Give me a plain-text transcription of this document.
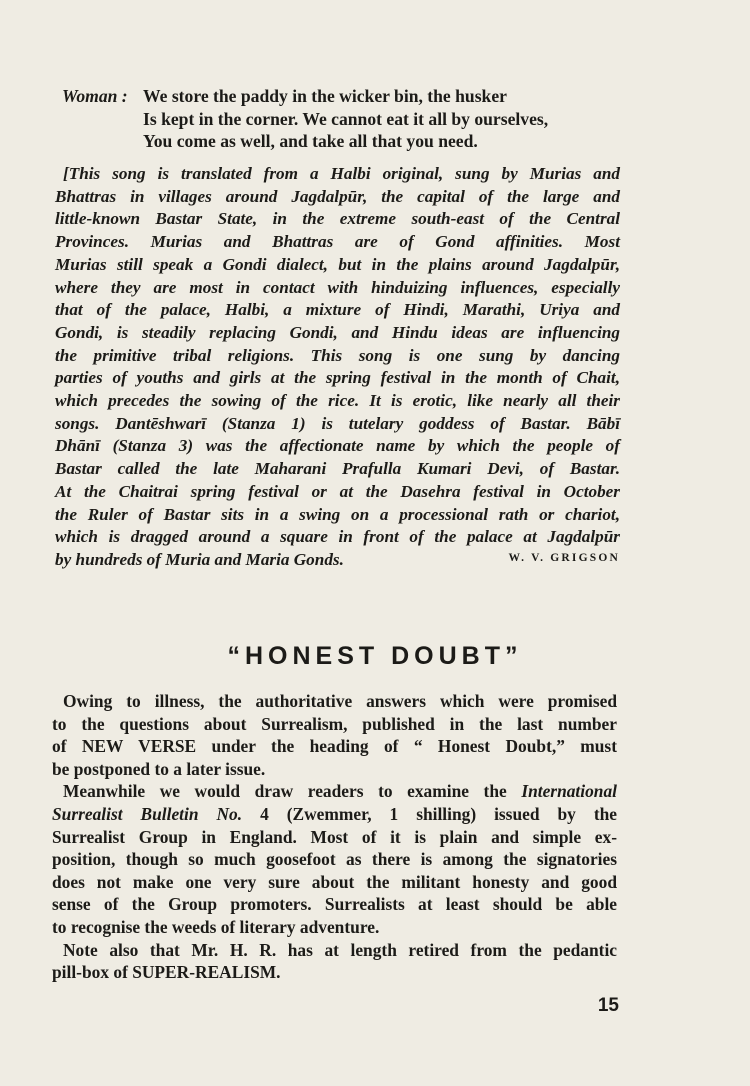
Woman : We store the paddy in the wicker bin, the husker
Is kept in the corner. We cannot eat it all by ourselves,
You come as well, and take all that you need.
[This song is translated from a Halbi original, sung by Murias and
Bhattras in villages around Jagdalpūr, the capital of the large and
little-known Bastar State, in the extreme south-east of the Central
Provinces. Murias and Bhattras are of Gond affinities. Most
Murias still speak a Gondi dialect, but in the plains around Jagdalpūr,
where they are most in contact with hinduizing influences, especially
that of the palace, Halbi, a mixture of Hindi, Marathi, Uriya and
Gondi, is steadily replacing Gondi, and Hindu ideas are influencing
the primitive tribal religions. This song is one sung by dancing
parties of youths and girls at the spring festival in the month of Chait,
which precedes the sowing of the rice. It is erotic, like nearly all their
songs. Dantēshwarī (Stanza 1) is tutelary goddess of Bastar. Bābī
Dhānī (Stanza 3) was the affectionate name by which the people of
Bastar called the late Maharani Prafulla Kumari Devi, of Bastar.
At the Chaitrai spring festival or at the Dasehra festival in October
the Ruler of Bastar sits in a swing on a processional rath or chariot,
which is dragged around a square in front of the palace at Jagdalpūr
by hundreds of Muria and Maria Gonds.	W. V. GRIGSON
“HONEST DOUBT”

Owing to illness, the authoritative answers which were promised
to the questions about Surrealism, published in the last number
of NEW VERSE under the heading of “ Honest Doubt,” must
be postponed to a later issue.

Meanwhile we would draw readers to examine the International
Surrealist Bulletin No. 4 (Zwemmer, 1 shilling) issued by the
Surrealist Group in England. Most of it is plain and simple ex-
position, though so much goosefoot as there is among the signatories
does not make one very sure about the militant honesty and good
sense of the Group promoters. Surrealists at least should be able
to recognise the weeds of literary adventure.

Note also that Mr. H. R. has at length retired from the pedantic
pill-box of SUPER-REALISM.

15
